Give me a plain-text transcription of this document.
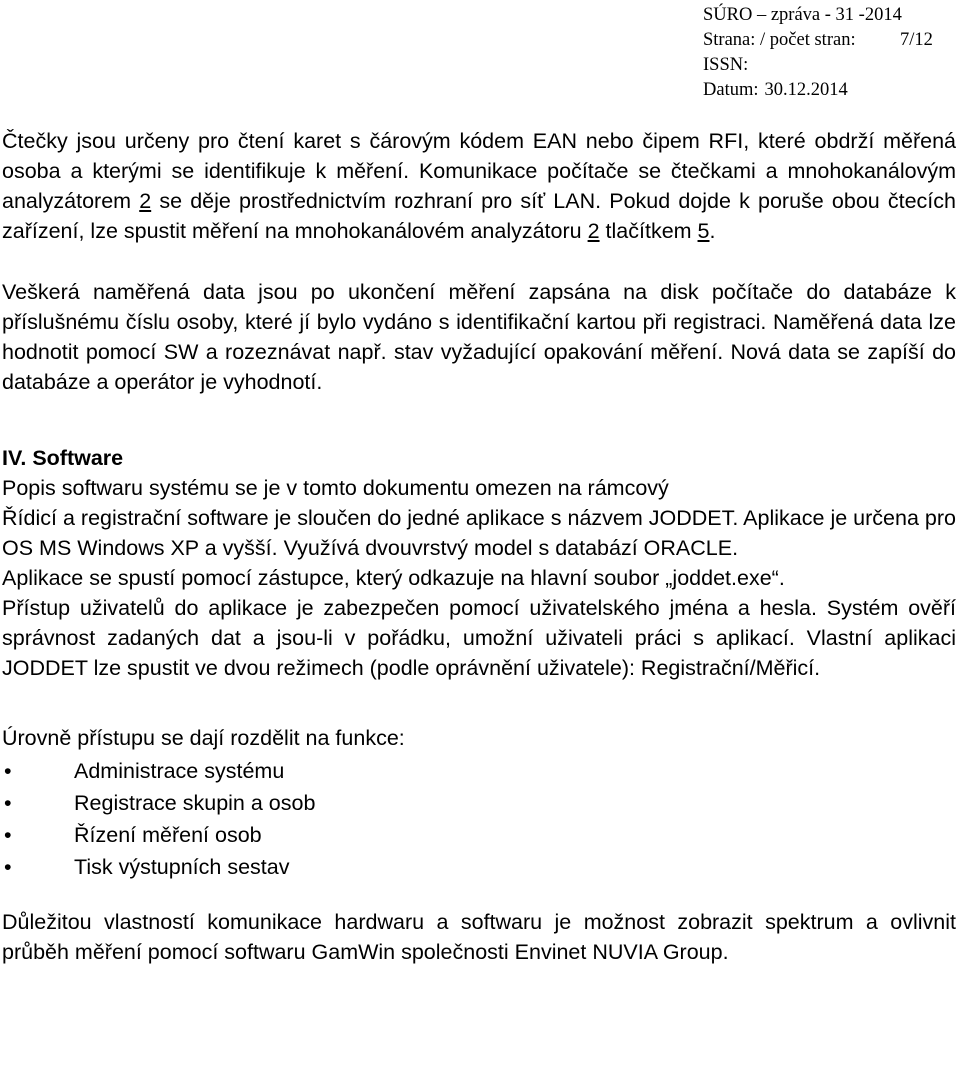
SÚRO – zpráva - 31 -2014
Strana: / počet stran: 7/12
ISSN:
Datum: 30.12.2014

Čtečky jsou určeny pro čtení karet s čárovým kódem EAN nebo čipem RFI, které obdrží měřená osoba a kterými se identifikuje k měření. Komunikace počítače se čtečkami a mnohokanálovým analyzátorem 2 se děje prostřednictvím rozhraní pro síť LAN. Pokud dojde k poruše obou čtecích zařízení, lze spustit měření na mnohokanálovém analyzátoru 2 tlačítkem 5.

Veškerá naměřená data jsou po ukončení měření zapsána na disk počítače do databáze k příslušnému číslu osoby, které jí bylo vydáno s identifikační kartou při registraci. Naměřená data lze hodnotit pomocí SW a rozeznávat např. stav vyžadující opakování měření. Nová data se zapíší do databáze a operátor je vyhodnotí.

IV. Software

Popis softwaru systému se je v tomto dokumentu omezen na rámcový

Řídicí a registrační software je sloučen do jedné aplikace s názvem JODDET. Aplikace je určena pro OS MS Windows XP a vyšší. Využívá dvouvrstvý model s databází ORACLE.

Aplikace se spustí pomocí zástupce, který odkazuje na hlavní soubor „joddet.exe“.

Přístup uživatelů do aplikace je zabezpečen pomocí uživatelského jména a hesla. Systém ověří správnost zadaných dat a jsou-li v pořádku, umožní uživateli práci s aplikací. Vlastní aplikaci JODDET lze spustit ve dvou režimech (podle oprávnění uživatele): Registrační/Měřicí.

Úrovně přístupu se dají rozdělit na funkce:

•	Administrace systému
•	Registrace skupin a osob
•	Řízení měření osob
•	Tisk výstupních sestav

Důležitou vlastností komunikace hardwaru a softwaru je možnost zobrazit spektrum a ovlivnit průběh měření pomocí softwaru GamWin společnosti Envinet NUVIA Group.
